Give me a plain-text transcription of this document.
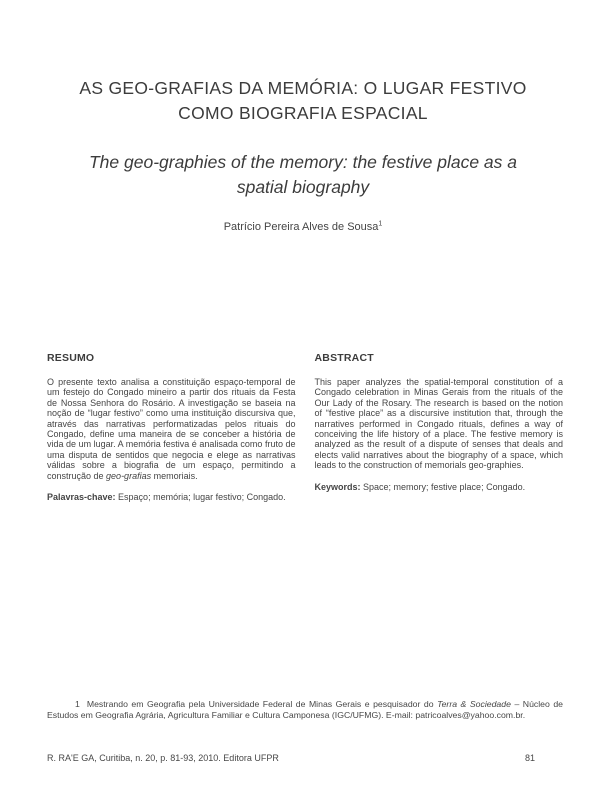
AS GEO-GRAFIAS DA MEMÓRIA: O LUGAR FESTIVO COMO BIOGRAFIA ESPACIAL
The geo-graphies of the memory: the festive place as a spatial biography
Patrício Pereira Alves de Sousa$^1$
RESUMO

O presente texto analisa a constituição espaço-temporal de um festejo do Congado mineiro a partir dos rituais da Festa de Nossa Senhora do Rosário. A investigação se baseia na noção de “lugar festivo” como uma instituição discursiva que, através das narrativas performatizadas pelos rituais do Congado, define uma maneira de se conceber a história de vida de um lugar. A memória festiva é analisada como fruto de uma disputa de sentidos que negocia e elege as narrativas válidas sobre a biografia de um espaço, permitindo a construção de geo-grafias memoriais.

Palavras-chave: Espaço; memória; lugar festivo; Congado.

ABSTRACT

This paper analyzes the spatial-temporal constitution of a Congado celebration in Minas Gerais from the rituals of the Our Lady of the Rosary. The research is based on the notion of “festive place” as a discursive institution that, through the narratives performed in Congado rituals, defines a way of conceiving the life history of a place. The festive memory is analyzed as the result of a dispute of senses that deals and elects valid narratives about the biography of a space, which leads to the construction of memorials geo-graphies.

Keywords: Space; memory; festive place; Congado.

1  Mestrando em Geografia pela Universidade Federal de Minas Gerais e pesquisador do Terra & Sociedade – Núcleo de Estudos em Geografia Agrária, Agricultura Familiar e Cultura Camponesa (IGC/UFMG). E-mail: patricoalves@yahoo.com.br.
R. RA'E GA, Curitiba, n. 20, p. 81-93, 2010. Editora UFPR	81
